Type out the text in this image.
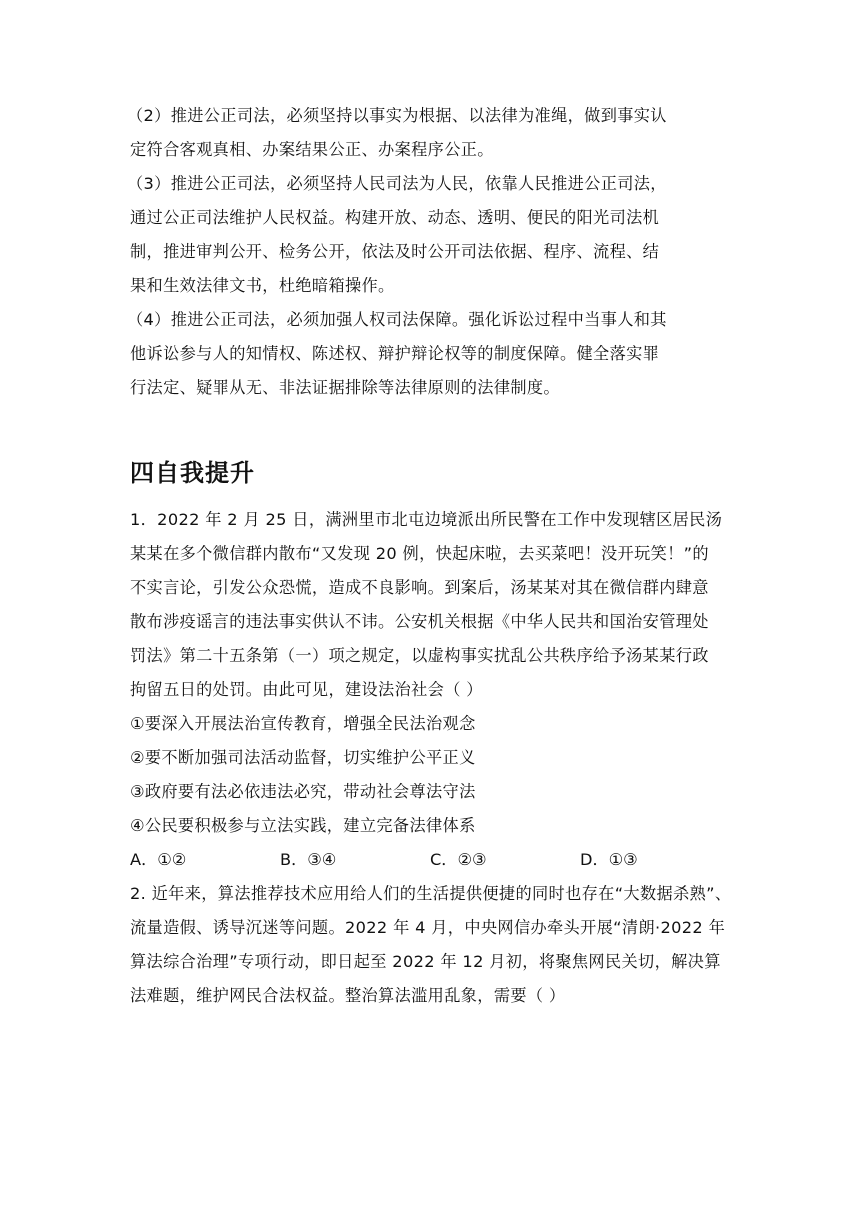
（2）推进公正司法，必须坚持以事实为根据、以法律为准绳，做到事实认
定符合客观真相、办案结果公正、办案程序公正。
（3）推进公正司法，必须坚持人民司法为人民，依靠人民推进公正司法，
通过公正司法维护人民权益。构建开放、动态、透明、便民的阳光司法机
制，推进审判公开、检务公开，依法及时公开司法依据、程序、流程、结
果和生效法律文书，杜绝暗箱操作。
（4）推进公正司法，必须加强人权司法保障。强化诉讼过程中当事人和其
他诉讼参与人的知情权、陈述权、辩护辩论权等的制度保障。健全落实罪
行法定、疑罪从无、非法证据排除等法律原则的法律制度。
四自我提升
1．2022 年 2 月 25 日，满洲里市北屯边境派出所民警在工作中发现辖区居民汤
某某在多个微信群内散布“又发现 20 例，快起床啦，去买菜吧！没开玩笑！”的
不实言论，引发公众恐慌，造成不良影响。到案后，汤某某对其在微信群内肆意
散布涉疫谣言的违法事实供认不讳。公安机关根据《中华人民共和国治安管理处
罚法》第二十五条第（一）项之规定，以虚构事实扰乱公共秩序给予汤某某行政
拘留五日的处罚。由此可见，建设法治社会（ ）
①要深入开展法治宣传教育，增强全民法治观念
②要不断加强司法活动监督，切实维护公平正义
③政府要有法必依违法必究，带动社会尊法守法
④公民要积极参与立法实践，建立完备法律体系
A．①②	B．③④	C．②③	D．①③
2. 近年来，算法推荐技术应用给人们的生活提供便捷的同时也存在“大数据杀熟”、
流量造假、诱导沉迷等问题。2022 年 4 月，中央网信办牵头开展“清朗·2022 年
算法综合治理”专项行动，即日起至 2022 年 12 月初，将聚焦网民关切，解决算
法难题，维护网民合法权益。整治算法滥用乱象，需要（ ）
